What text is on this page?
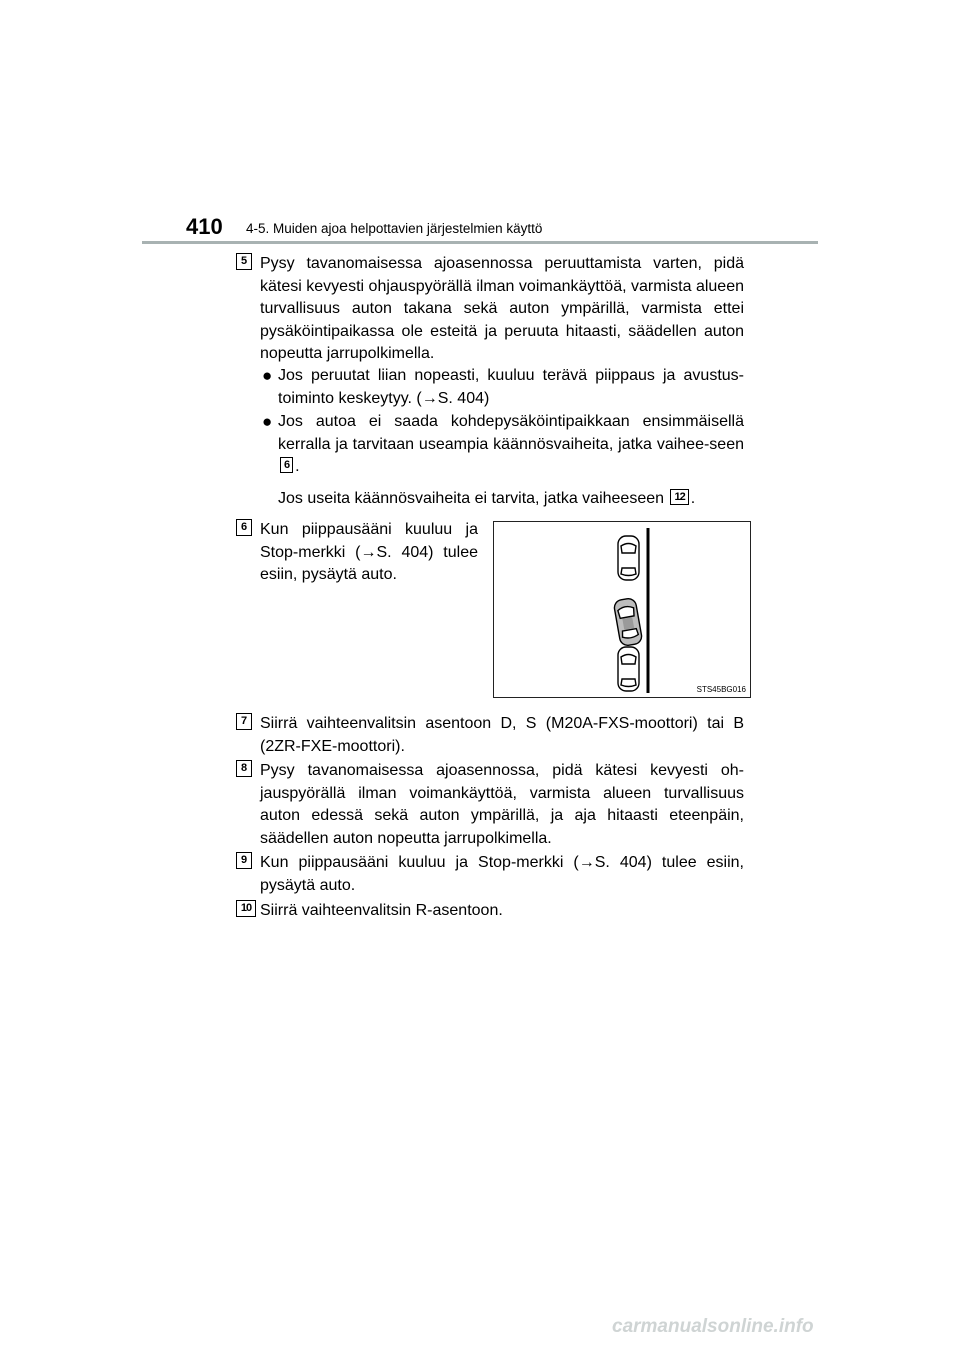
410 4-5. Muiden ajoa helpottavien järjestelmien käyttö
5 Pysy tavanomaisessa ajoasennossa peruuttamista varten, pidä kätesi kevyesti ohjauspyörällä ilman voimankäyttöä, varmista alueen turvallisuus auton takana sekä auton ympärillä, varmista ettei pysäköintipaikassa ole esteitä ja peruuta hitaasti, säädellen auton nopeutta jarrupolkimella.
● Jos peruutat liian nopeasti, kuuluu terävä piippaus ja avustus-toiminto keskeytyy. (→S. 404)
● Jos autoa ei saada kohdepysäköintipaikkaan ensimmäisellä kerralla ja tarvitaan useampia käännösvaiheita, jatka vaihee-seen 6 .
Jos useita käännösvaiheita ei tarvita, jatka vaiheeseen 12 .
6 Kun piippausääni kuuluu ja Stop-merkki (→S. 404) tulee esiin, pysäytä auto.
STS45BG016
7 Siirrä vaihteenvalitsin asentoon D, S (M20A-FXS-moottori) tai B (2ZR-FXE-moottori).
8 Pysy tavanomaisessa ajoasennossa, pidä kätesi kevyesti oh-jauspyörällä ilman voimankäyttöä, varmista alueen turvallisuus auton edessä sekä auton ympärillä, ja aja hitaasti eteenpäin, säädellen auton nopeutta jarrupolkimella.
9 Kun piippausääni kuuluu ja Stop-merkki (→S. 404) tulee esiin, pysäytä auto.
10 Siirrä vaihteenvalitsin R-asentoon.
carmanualsonline.info
